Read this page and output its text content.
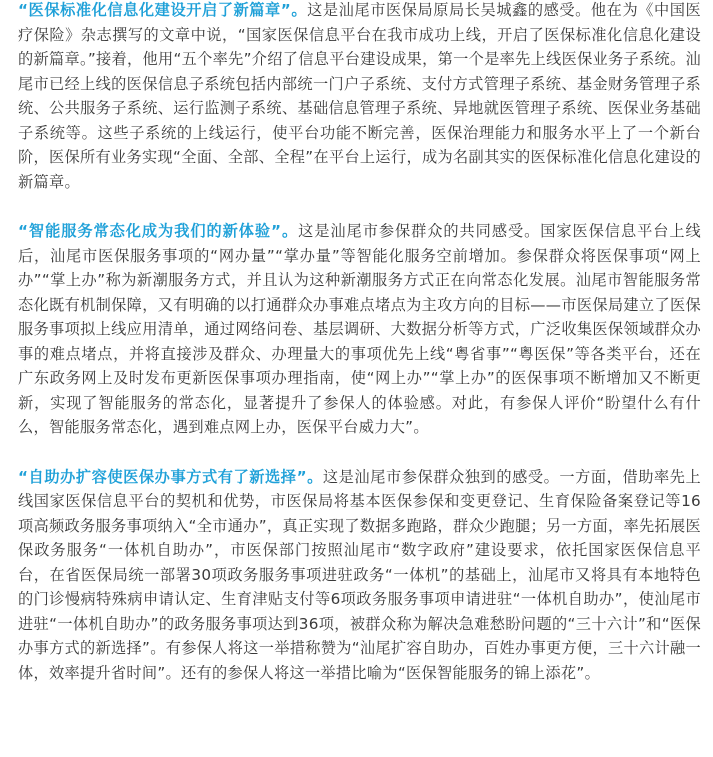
“医保标准化信息化建设开启了新篇章”。这是汕尾市医保局原局长吴城鑫的感受。他在为《中国医疗保险》杂志撰写的文章中说，“国家医保信息平台在我市成功上线，开启了医保标准化信息化建设的新篇章。”接着，他用“五个率先”介绍了信息平台建设成果，第一个是率先上线医保业务子系统。汕尾市已经上线的医保信息子系统包括内部统一门户子系统、支付方式管理子系统、基金财务管理子系统、公共服务子系统、运行监测子系统、基础信息管理子系统、异地就医管理子系统、医保业务基础子系统等。这些子系统的上线运行，使平台功能不断完善，医保治理能力和服务水平上了一个新台阶，医保所有业务实现“全面、全部、全程”在平台上运行，成为名副其实的医保标准化信息化建设的新篇章。

“智能服务常态化成为我们的新体验”。这是汕尾市参保群众的共同感受。国家医保信息平台上线后，汕尾市医保服务事项的“网办量”“掌办量”等智能化服务空前增加。参保群众将医保事项“网上办”“掌上办”称为新潮服务方式，并且认为这种新潮服务方式正在向常态化发展。汕尾市智能服务常态化既有机制保障，又有明确的以打通群众办事难点堵点为主攻方向的目标——市医保局建立了医保服务事项拟上线应用清单，通过网络问卷、基层调研、大数据分析等方式，广泛收集医保领域群众办事的难点堵点，并将直接涉及群众、办理量大的事项优先上线“粤省事”“粤医保”等各类平台，还在广东政务网上及时发布更新医保事项办理指南，使“网上办”“掌上办”的医保事项不断增加又不断更新，实现了智能服务的常态化，显著提升了参保人的体验感。对此，有参保人评价“盼望什么有什么，智能服务常态化，遇到难点网上办，医保平台威力大”。

“自助办扩容使医保办事方式有了新选择”。这是汕尾市参保群众独到的感受。一方面，借助率先上线国家医保信息平台的契机和优势，市医保局将基本医保参保和变更登记、生育保险备案登记等16项高频政务服务事项纳入“全市通办”，真正实现了数据多跑路，群众少跑腿；另一方面，率先拓展医保政务服务“一体机自助办”，市医保部门按照汕尾市“数字政府”建设要求，依托国家医保信息平台，在省医保局统一部署30项政务服务事项进驻政务“一体机”的基础上，汕尾市又将具有本地特色的门诊慢病特殊病申请认定、生育津贴支付等6项政务服务事项申请进驻“一体机自助办”，使汕尾市进驻“一体机自助办”的政务服务事项达到36项，被群众称为解决急难愁盼问题的“三十六计”和“医保办事方式的新选择”。有参保人将这一举措称赞为“汕尾扩容自助办，百姓办事更方便，三十六计融一体，效率提升省时间”。还有的参保人将这一举措比喻为“医保智能服务的锦上添花”。
